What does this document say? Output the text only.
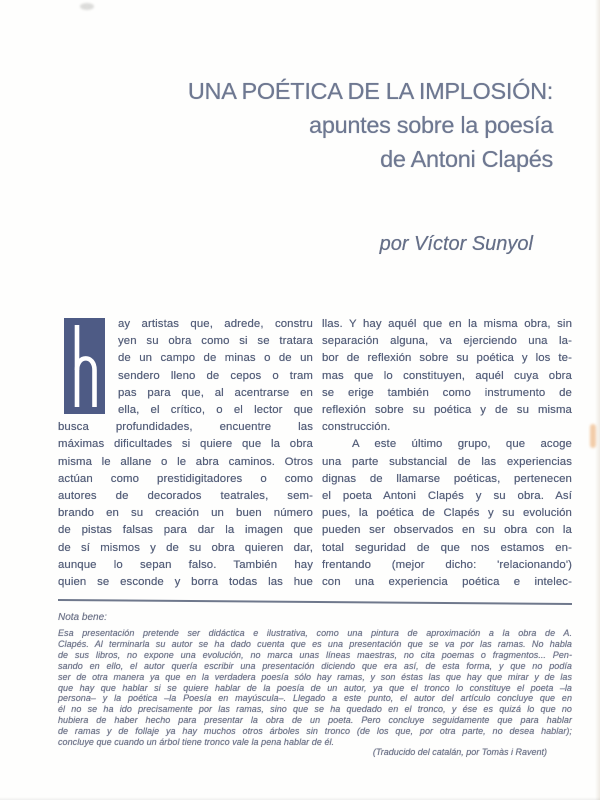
UNA POÉTICA DE LA IMPLOSIÓN:
apuntes sobre la poesía
de Antoni Clapés
por Víctor Sunyol
ay artistas que, adrede, constru
yen su obra como si se tratara
de un campo de minas o de un
sendero lleno de cepos o tram
pas para que, al acentrarse en
ella, el crítico, o el lector que
busca profundidades, encuentre las
máximas dificultades si quiere que la obra
misma le allane o le abra caminos. Otros
actúan como prestidigitadores o como
autores de decorados teatrales, sem-
brando en su creación un buen número
de pistas falsas para dar la imagen que
de sí mismos y de su obra quieren dar,
aunque lo sepan falso. También hay
quien se esconde y borra todas las hue
llas. Y hay aquél que en la misma obra, sin
separación alguna, va ejerciendo una la-
bor de reflexión sobre su poética y los te-
mas que lo constituyen, aquél cuya obra
se erige también como instrumento de
reflexión sobre su poética y de su misma
construcción.
A este último grupo, que acoge
una parte substancial de las experiencias
dignas de llamarse poéticas, pertenecen
el poeta Antoni Clapés y su obra. Así
pues, la poética de Clapés y su evolución
pueden ser observados en su obra con la
total seguridad de que nos estamos en-
frentando (mejor dicho: 'relacionando')
con una experiencia poética e intelec-
Nota bene:
Esa presentación pretende ser didáctica e ilustrativa, como una pintura de aproximación a la obra de A.
Clapés. Al terminarla su autor se ha dado cuenta que es una presentación que se va por las ramas. No habla
de sus libros, no expone una evolución, no marca unas líneas maestras, no cita poemas o fragmentos... Pen-
sando en ello, el autor quería escribir una presentación diciendo que era así, de esta forma, y que no podía
ser de otra manera ya que en la verdadera poesía sólo hay ramas, y son éstas las que hay que mirar y de las
que hay que hablar si se quiere hablar de la poesía de un autor, ya que el tronco lo constituye el poeta –la
persona– y la poética –la Poesía en mayúscula–. Llegado a este punto, el autor del artículo concluye que en
él no se ha ido precisamente por las ramas, sino que se ha quedado en el tronco, y ése es quizá lo que no
hubiera de haber hecho para presentar la obra de un poeta. Pero concluye seguidamente que para hablar
de ramas y de follaje ya hay muchos otros árboles sin tronco (de los que, por otra parte, no desea hablar);
concluye que cuando un árbol tiene tronco vale la pena hablar de él.
(Traducido del catalán, por Tomàs i Ravent)
